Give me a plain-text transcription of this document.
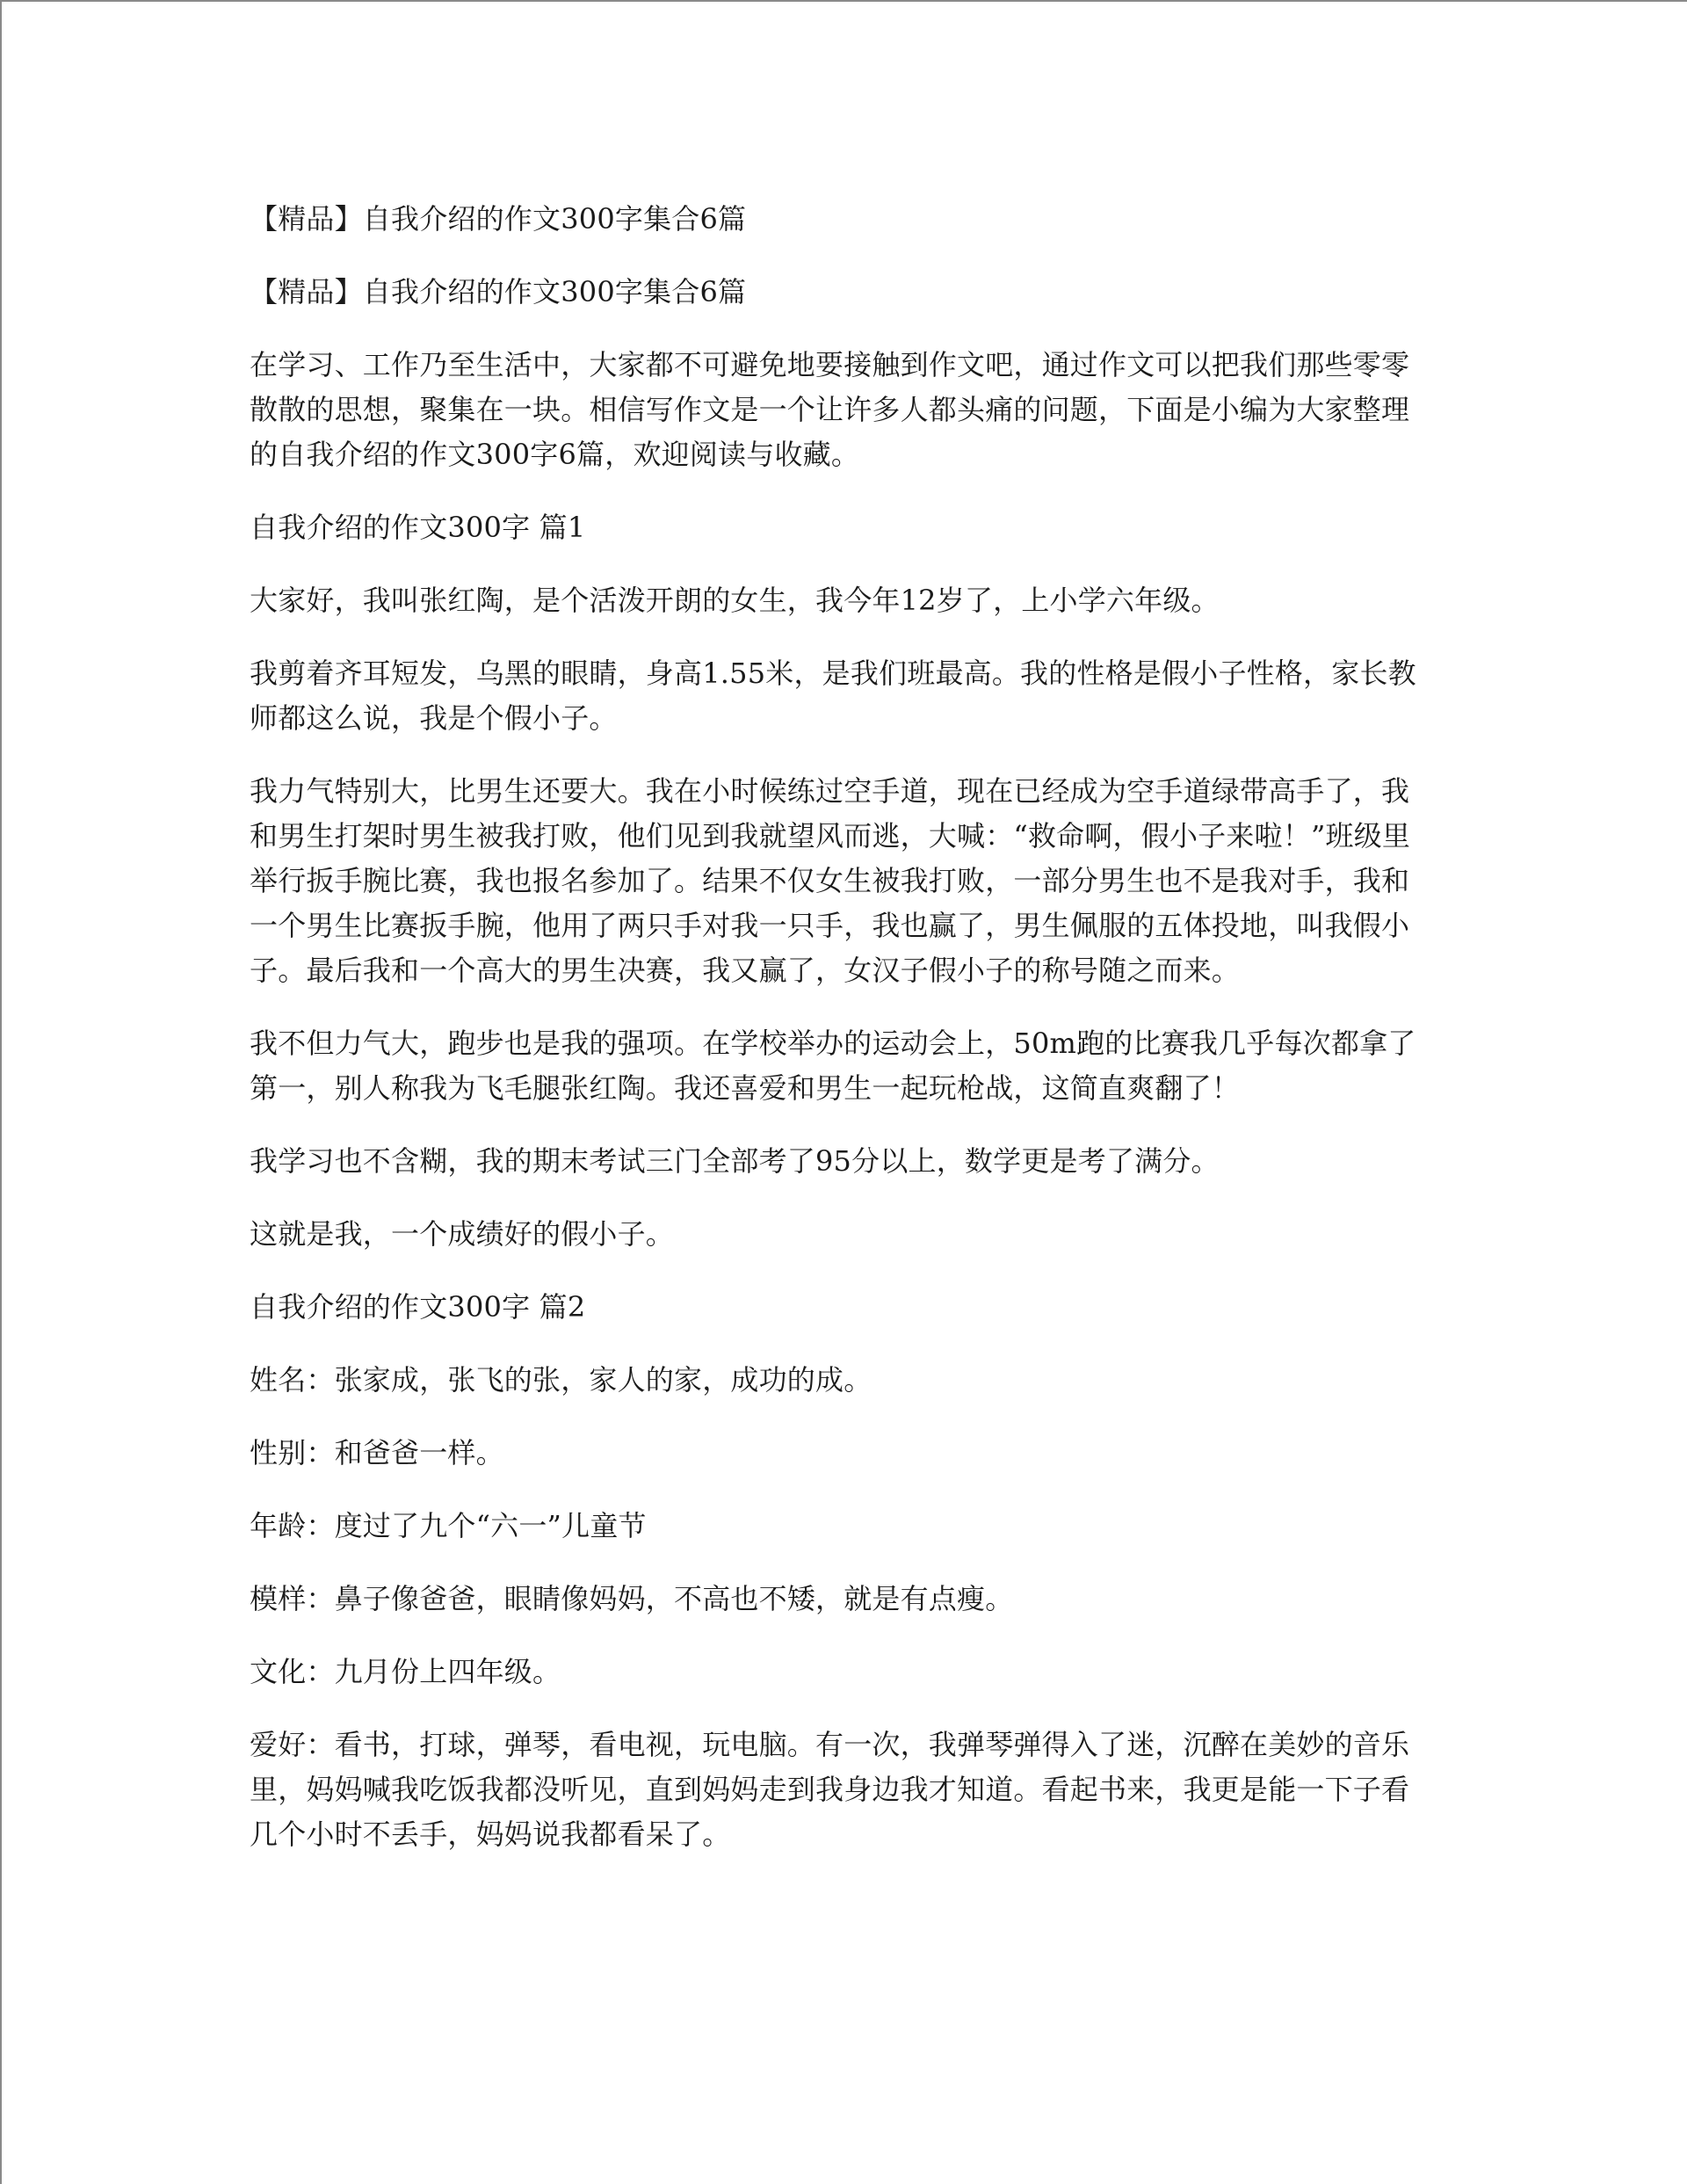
【精品】自我介绍的作文300字集合6篇

【精品】自我介绍的作文300字集合6篇

在学习、工作乃至生活中，大家都不可避免地要接触到作文吧，通过作文可以把我们那些零零散散的思想，聚集在一块。相信写作文是一个让许多人都头痛的问题，下面是小编为大家整理的自我介绍的作文300字6篇，欢迎阅读与收藏。

自我介绍的作文300字 篇1

大家好，我叫张红陶，是个活泼开朗的女生，我今年12岁了，上小学六年级。

我剪着齐耳短发，乌黑的眼睛，身高1.55米，是我们班最高。我的性格是假小子性格，家长教师都这么说，我是个假小子。

我力气特别大，比男生还要大。我在小时候练过空手道，现在已经成为空手道绿带高手了，我和男生打架时男生被我打败，他们见到我就望风而逃，大喊：“救命啊，假小子来啦！”班级里举行扳手腕比赛，我也报名参加了。结果不仅女生被我打败，一部分男生也不是我对手，我和一个男生比赛扳手腕，他用了两只手对我一只手，我也赢了，男生佩服的五体投地，叫我假小子。最后我和一个高大的男生决赛，我又赢了，女汉子假小子的称号随之而来。

我不但力气大，跑步也是我的强项。在学校举办的运动会上，50m跑的比赛我几乎每次都拿了第一，别人称我为飞毛腿张红陶。我还喜爱和男生一起玩枪战，这简直爽翻了！

我学习也不含糊，我的期末考试三门全部考了95分以上，数学更是考了满分。

这就是我，一个成绩好的假小子。

自我介绍的作文300字 篇2

姓名：张家成，张飞的张，家人的家，成功的成。

性别：和爸爸一样。

年龄：度过了九个“六一”儿童节

模样：鼻子像爸爸，眼睛像妈妈，不高也不矮，就是有点瘦。

文化：九月份上四年级。

爱好：看书，打球，弹琴，看电视，玩电脑。有一次，我弹琴弹得入了迷，沉醉在美妙的音乐里，妈妈喊我吃饭我都没听见，直到妈妈走到我身边我才知道。看起书来，我更是能一下子看几个小时不丢手，妈妈说我都看呆了。
